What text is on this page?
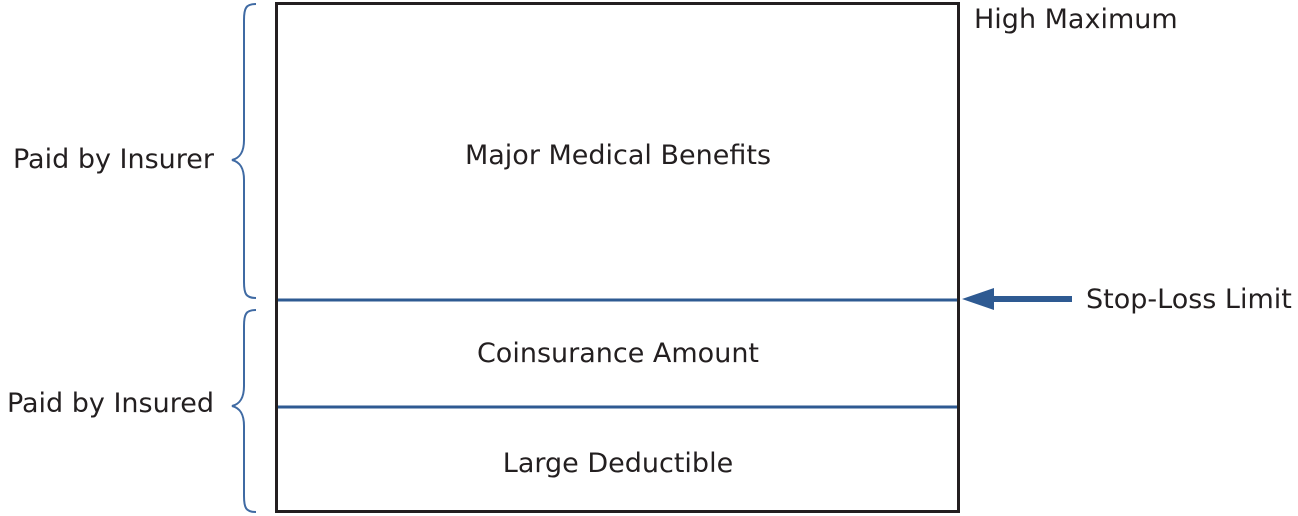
High Maximum
Major Medical Benefits
Coinsurance Amount
Large Deductible
Paid by Insurer
Paid by Insured
Stop-Loss Limit
